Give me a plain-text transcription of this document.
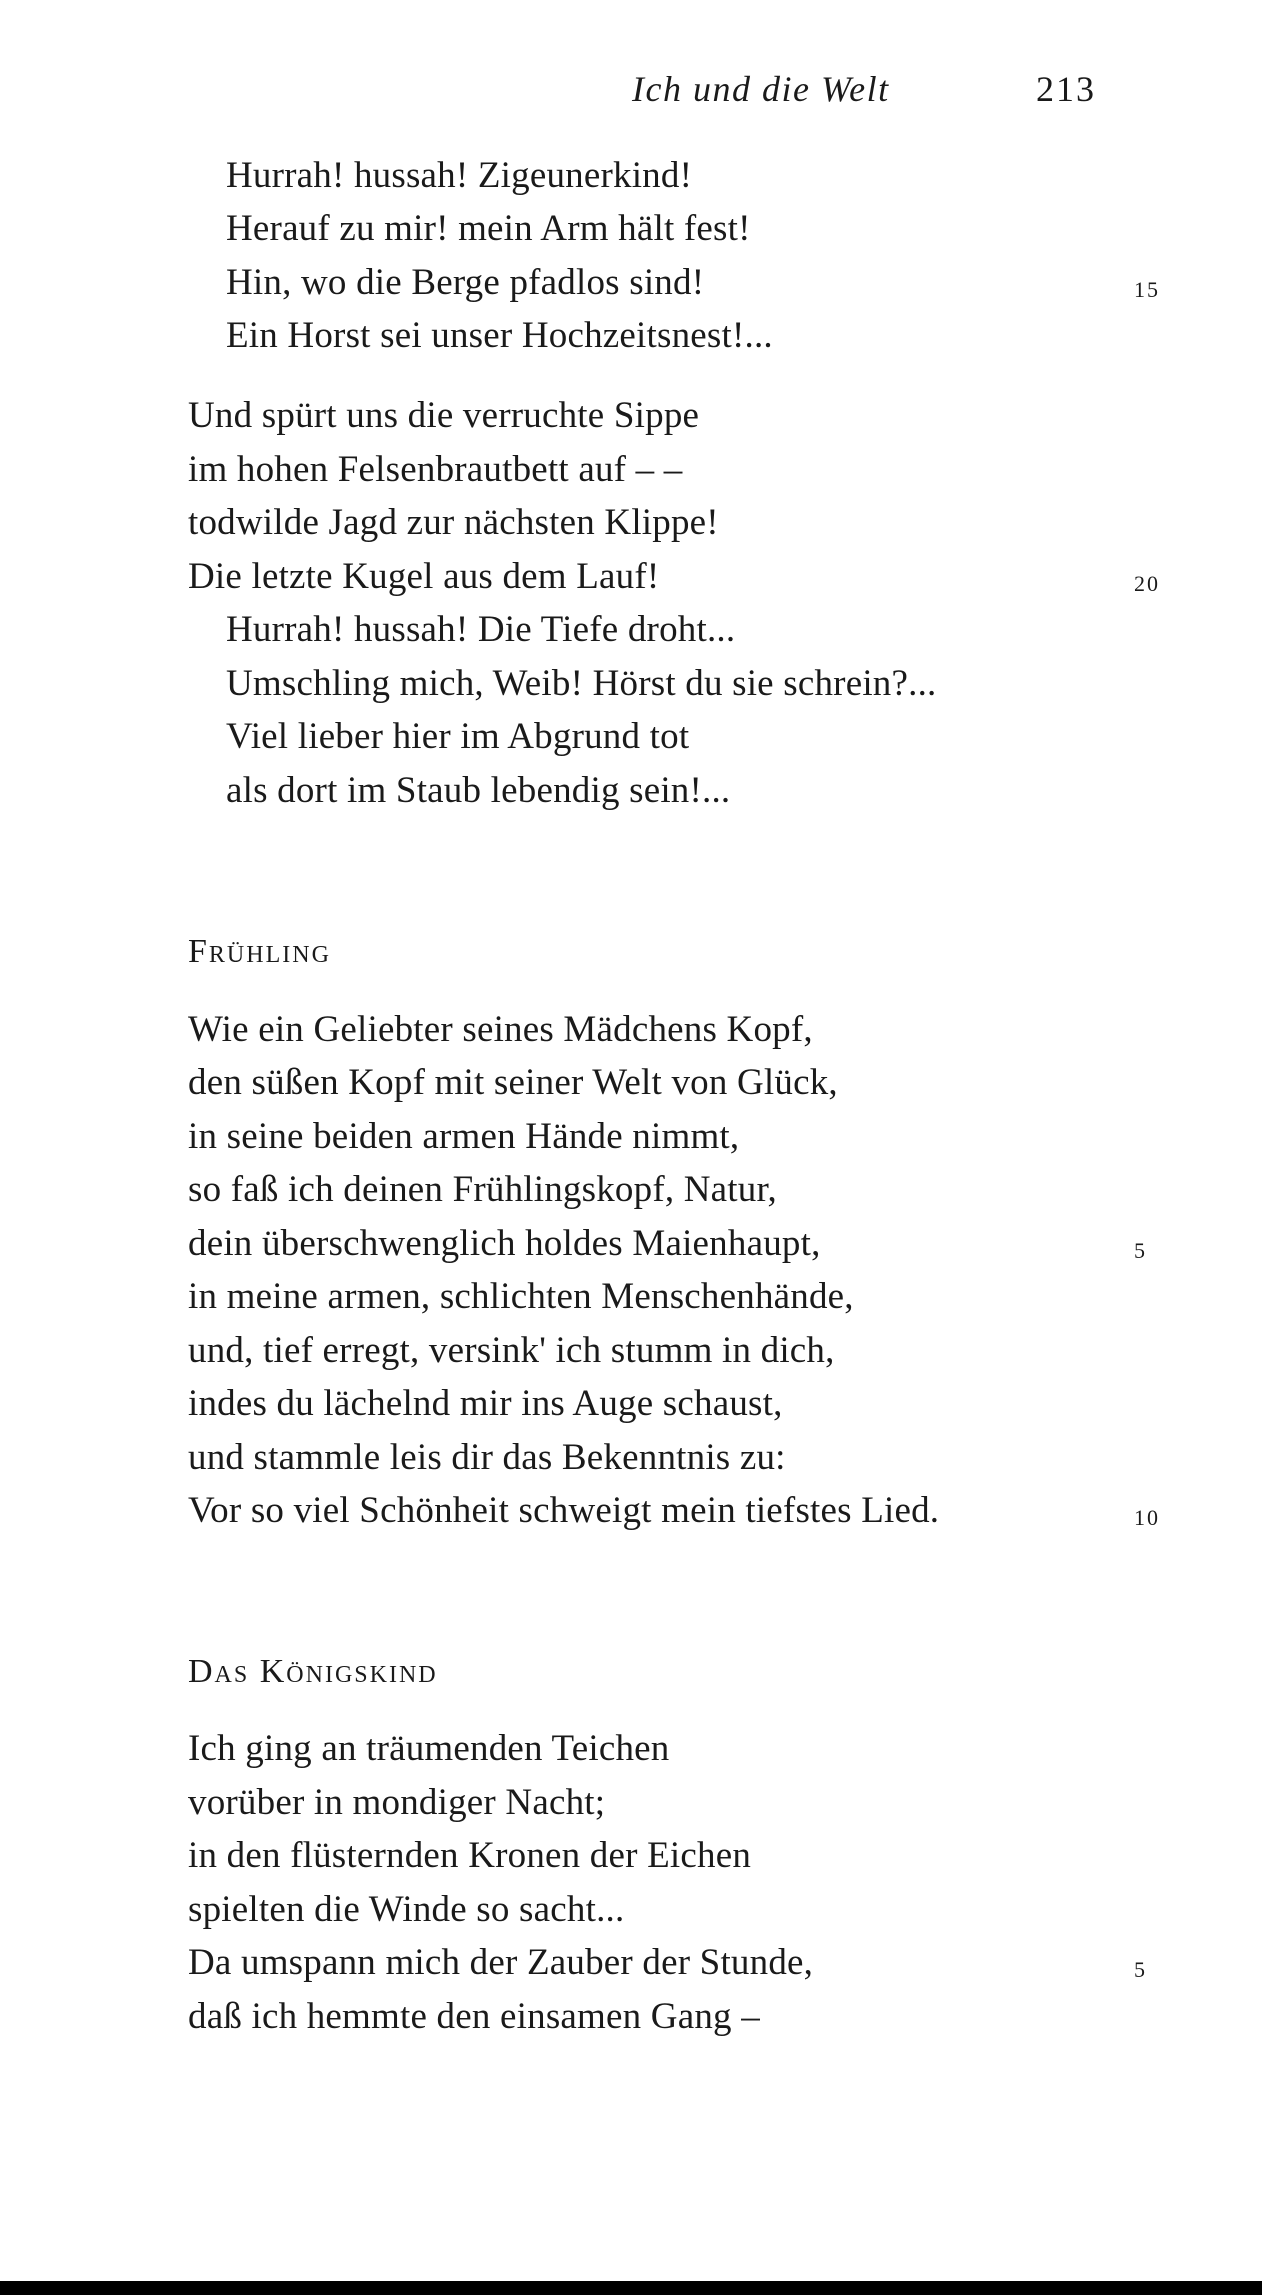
Ich und die Welt	213
Hurrah! hussah! Zigeunerkind!
Herauf zu mir! mein Arm hält fest!
Hin, wo die Berge pfadlos sind!
Ein Horst sei unser Hochzeitsnest!...
Und spürt uns die verruchte Sippe
im hohen Felsenbrautbett auf – –
todwilde Jagd zur nächsten Klippe!
Die letzte Kugel aus dem Lauf!
Hurrah! hussah! Die Tiefe droht...
Umschling mich, Weib! Hörst du sie schrein?...
Viel lieber hier im Abgrund tot
als dort im Staub lebendig sein!...
15
20
Frühling
Wie ein Geliebter seines Mädchens Kopf,
den süßen Kopf mit seiner Welt von Glück,
in seine beiden armen Hände nimmt,
so faß ich deinen Frühlingskopf, Natur,
dein überschwenglich holdes Maienhaupt,
in meine armen, schlichten Menschenhände,
und, tief erregt, versink' ich stumm in dich,
indes du lächelnd mir ins Auge schaust,
und stammle leis dir das Bekenntnis zu:
Vor so viel Schönheit schweigt mein tiefstes Lied.
5
10
Das Königskind
Ich ging an träumenden Teichen
vorüber in mondiger Nacht;
in den flüsternden Kronen der Eichen
spielten die Winde so sacht...
Da umspann mich der Zauber der Stunde,
daß ich hemmte den einsamen Gang –
5
